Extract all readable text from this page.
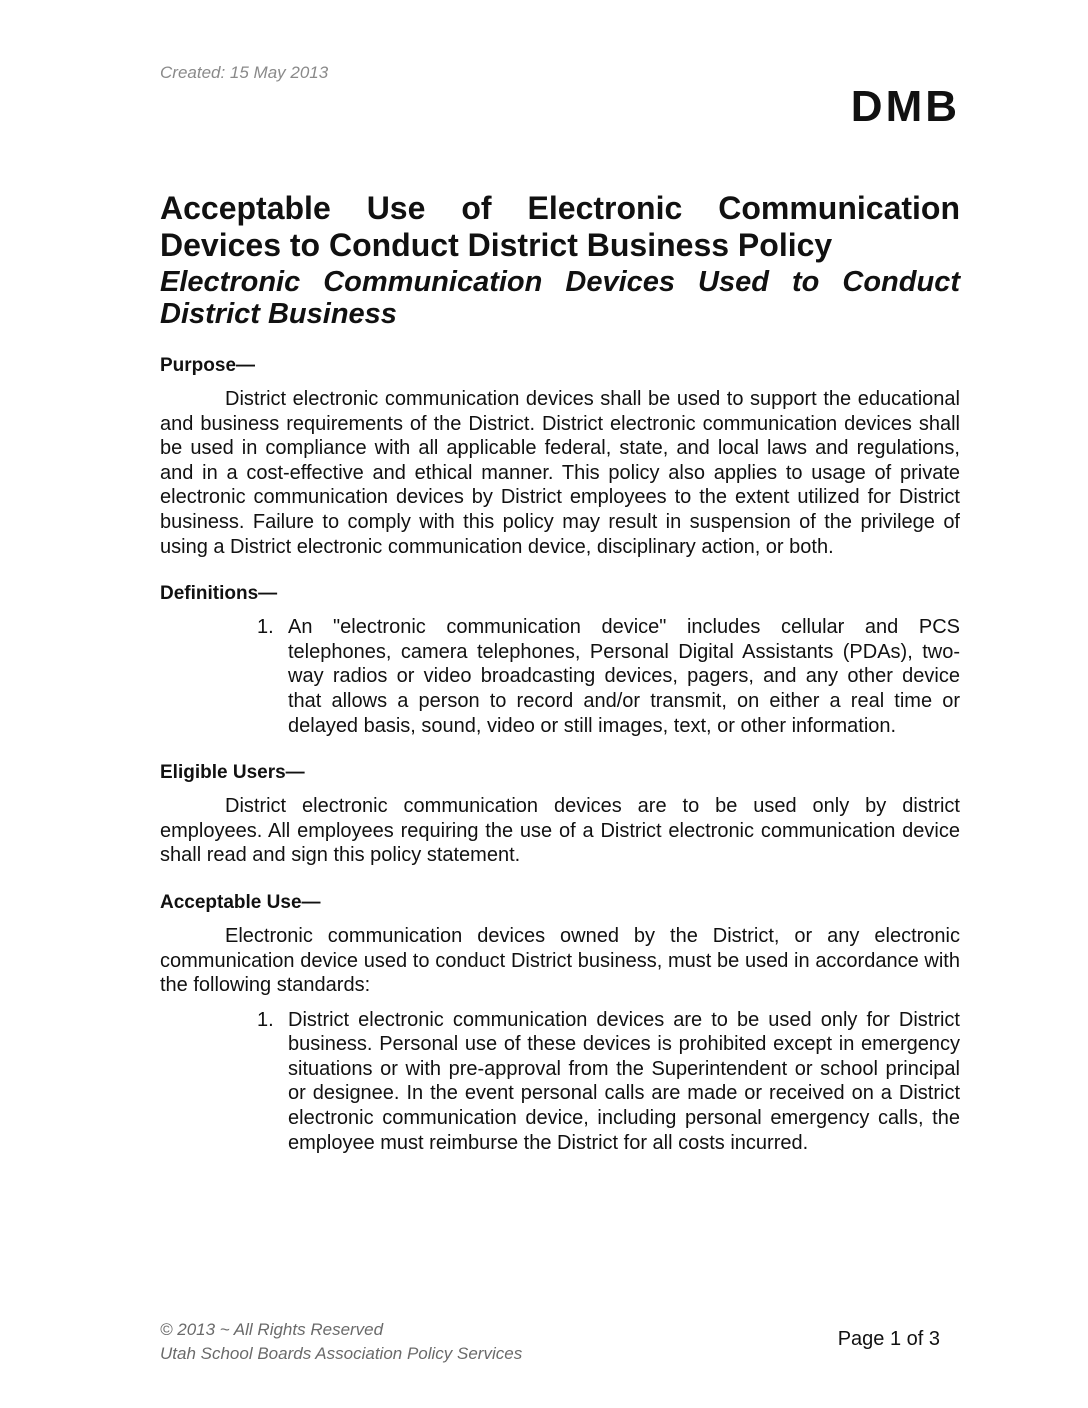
Created: 15 May 2013
DMB
Acceptable Use of Electronic Communication Devices to Conduct District Business Policy
Electronic Communication Devices Used to Conduct District Business
Purpose—

District electronic communication devices shall be used to support the educational and business requirements of the District. District electronic communication devices shall be used in compliance with all applicable federal, state, and local laws and regulations, and in a cost-effective and ethical manner. This policy also applies to usage of private electronic communication devices by District employees to the extent utilized for District business. Failure to comply with this policy may result in suspension of the privilege of using a District electronic communication device, disciplinary action, or both.

Definitions—
1. An "electronic communication device" includes cellular and PCS telephones, camera telephones, Personal Digital Assistants (PDAs), two-way radios or video broadcasting devices, pagers, and any other device that allows a person to record and/or transmit, on either a real time or delayed basis, sound, video or still images, text, or other information.
Eligible Users—

District electronic communication devices are to be used only by district employees. All employees requiring the use of a District electronic communication device shall read and sign this policy statement.

Acceptable Use—

Electronic communication devices owned by the District, or any electronic communication device used to conduct District business, must be used in accordance with the following standards:

1. District electronic communication devices are to be used only for District business. Personal use of these devices is prohibited except in emergency situations or with pre-approval from the Superintendent or school principal or designee. In the event personal calls are made or received on a District electronic communication device, including personal emergency calls, the employee must reimburse the District for all costs incurred.
© 2013 ~ All Rights Reserved
Utah School Boards Association Policy Services
Page 1 of 3
